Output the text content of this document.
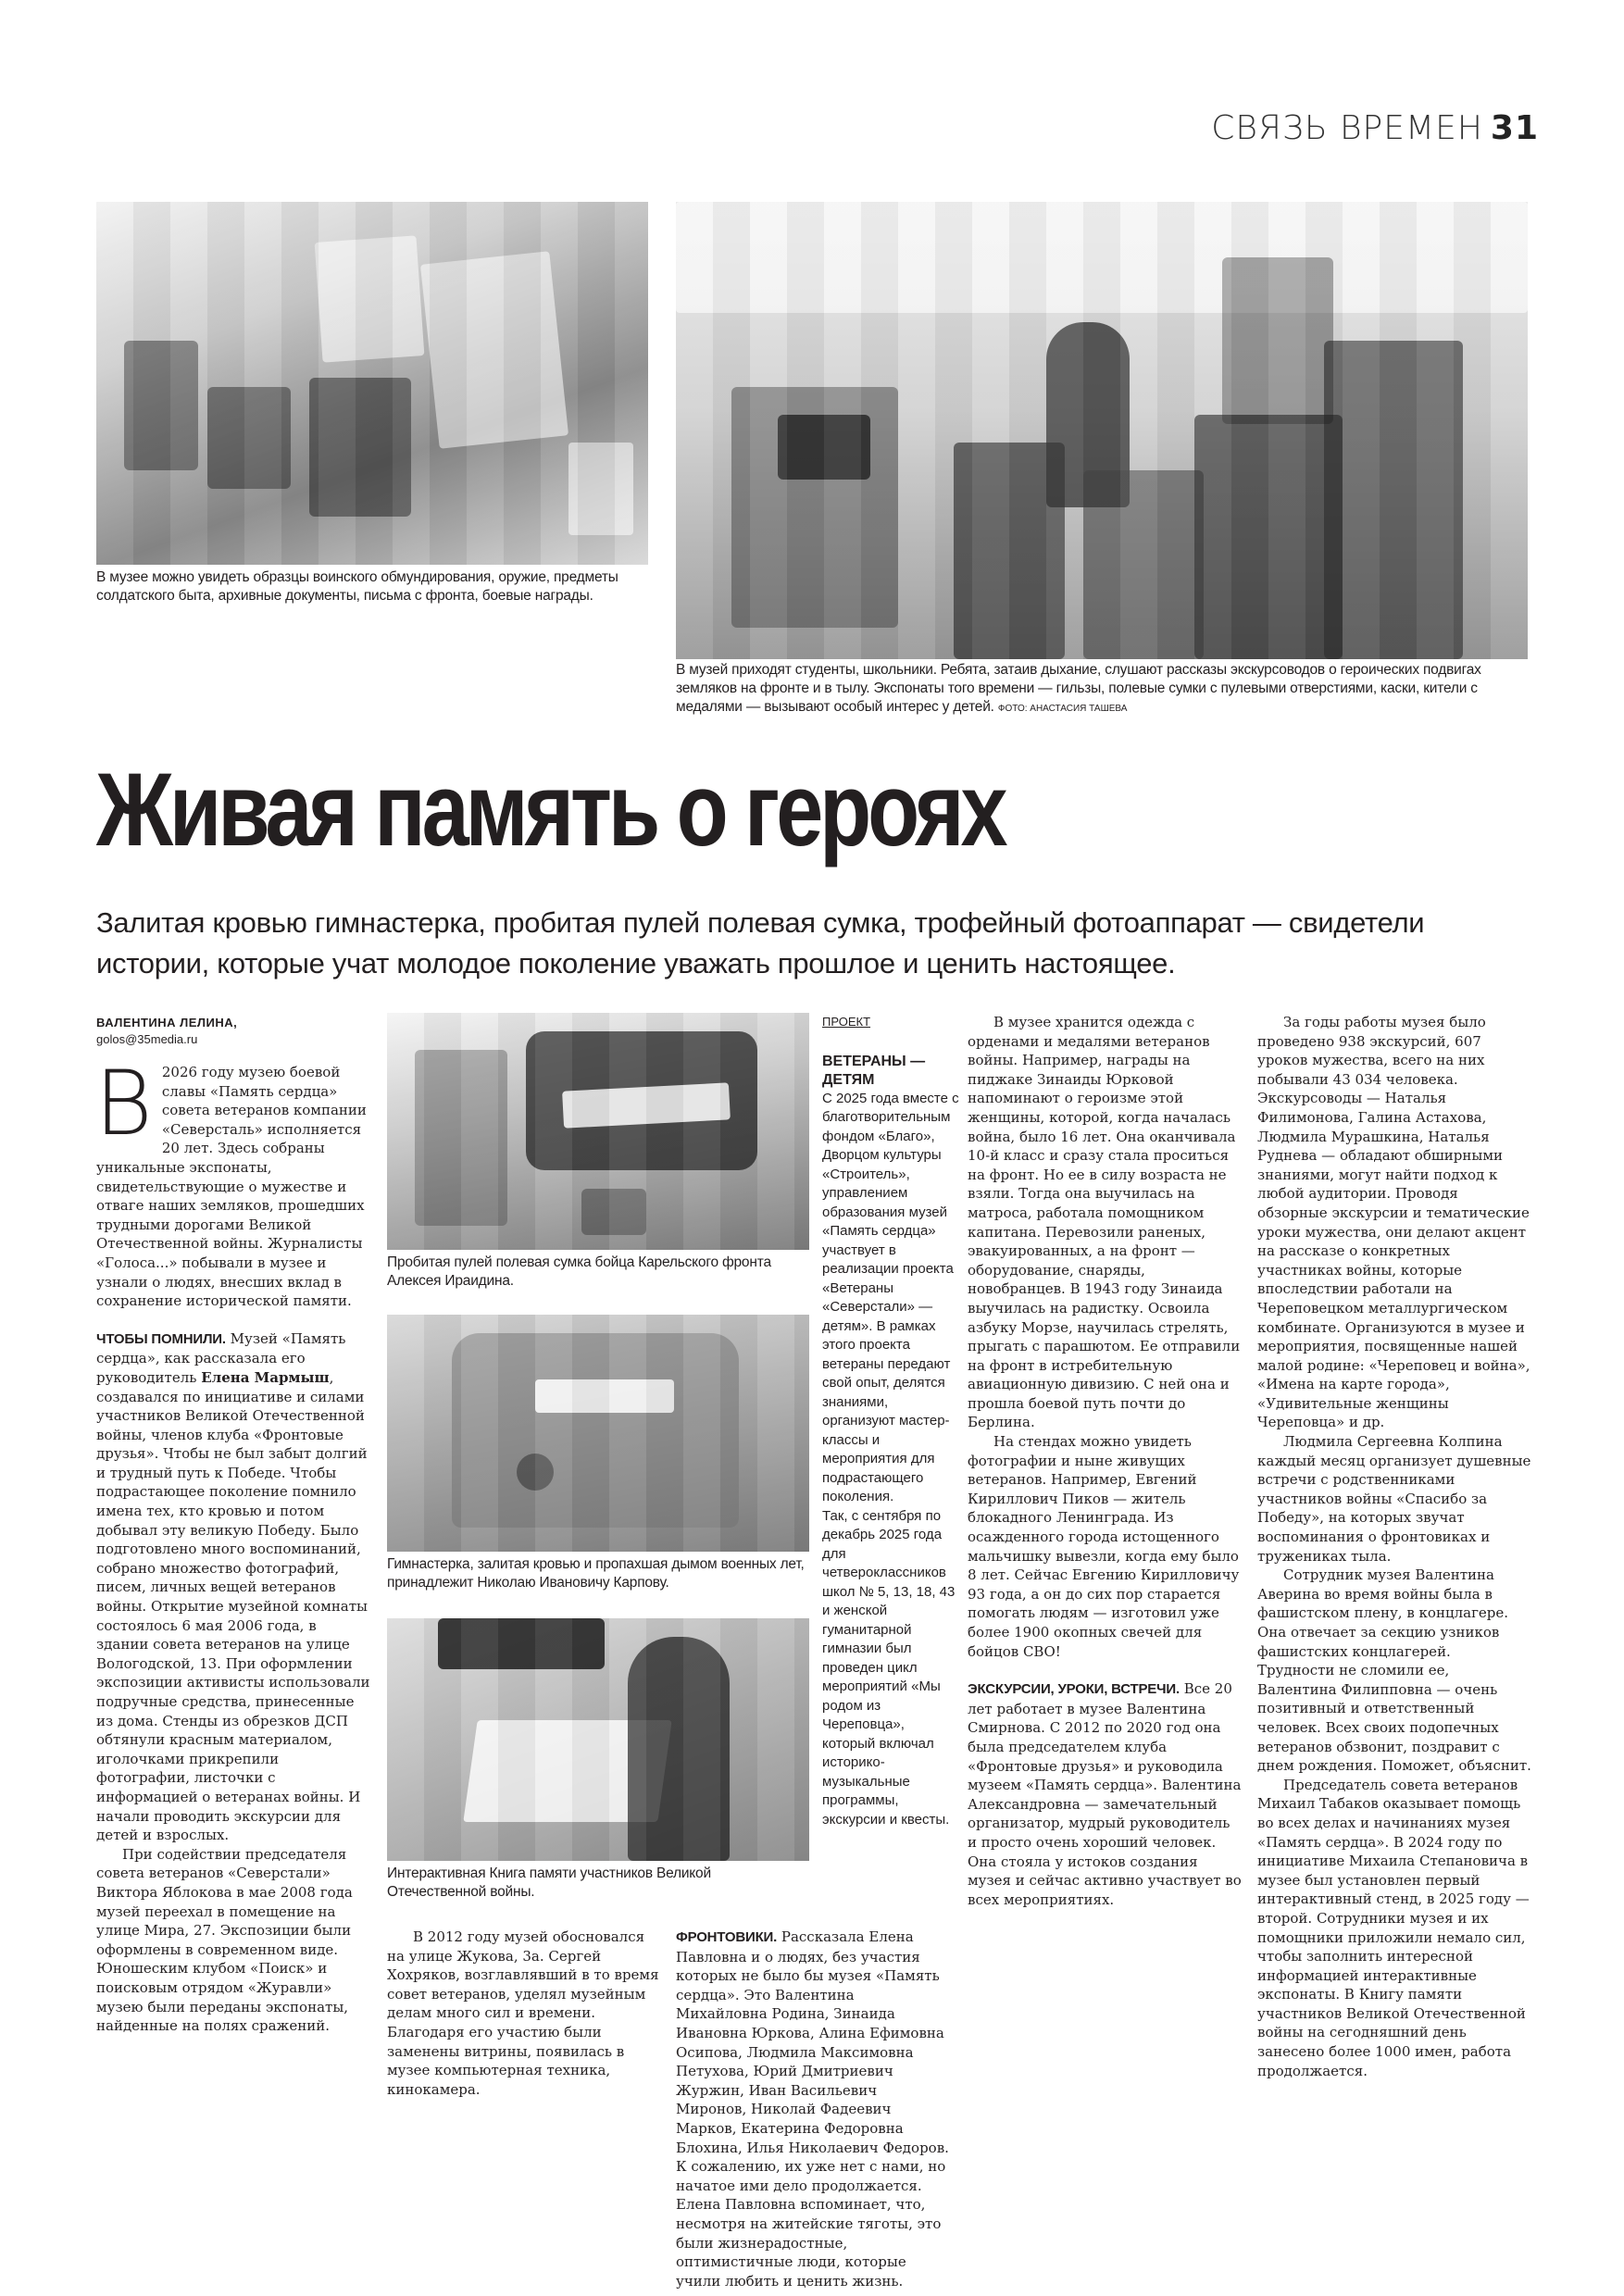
СВЯЗЬ ВРЕМЕН 31
В музее можно увидеть образцы воинского обмундирования, оружие, предметы солдатского быта, архивные документы, письма с фронта, боевые награды.
В музей приходят студенты, школьники. Ребята, затаив дыхание, слушают рассказы экскурсоводов о героических подвигах земляков на фронте и в тылу. Экспонаты того времени — гильзы, полевые сумки с пулевыми отверстиями, каски, кители с медалями — вызывают особый интерес у детей. ФОТО: АНАСТАСИЯ ТАШЕВА
Живая память о героях

Залитая кровью гимнастерка, пробитая пулей полевая сумка, трофейный фотоаппарат — свидетели истории, которые учат молодое поколение уважать прошлое и ценить настоящее.

ВАЛЕНТИНА ЛЕЛИНА,
golos@35media.ru

В 2026 году музею боевой славы «Память сердца» совета ветеранов компании «Северсталь» исполняется 20 лет. Здесь собраны уникальные экспонаты, свидетельствующие о мужестве и отваге наших земляков, прошедших трудными дорогами Великой Отечественной войны. Журналисты «Голоса...» побывали в музее и узнали о людях, внесших вклад в сохранение исторической памяти.

ЧТОБЫ ПОМНИЛИ. Музей «Память сердца», как рассказала его руководитель Елена Мармыш, создавался по инициативе и силами участников Великой Отечественной войны, членов клуба «Фронтовые друзья». Чтобы не был забыт долгий и трудный путь к Победе. Чтобы подрастающее поколение помнило имена тех, кто кровью и потом добывал эту великую Победу. Было подготовлено много воспоминаний, собрано множество фотографий, писем, личных вещей ветеранов войны. Открытие музейной комнаты состоялось 6 мая 2006 года, в здании совета ветеранов на улице Вологодской, 13. При оформлении экспозиции активисты использовали подручные средства, принесенные из дома. Стенды из обрезков ДСП обтянули красным материалом, иголочками прикрепили фотографии, листочки с информацией о ветеранах войны. И начали проводить экскурсии для детей и взрослых.

При содействии председателя совета ветеранов «Северстали» Виктора Яблокова в мае 2008 года музей переехал в помещение на улице Мира, 27. Экспозиции были оформлены в современном виде. Юношеским клубом «Поиск» и поисковым отрядом «Журавли» музею были переданы экспонаты, найденные на полях сражений.

Пробитая пулей полевая сумка бойца Карельского фронта Алексея Ираидина.
Гимнастерка, залитая кровью и пропахшая дымом военных лет, принадлежит Николаю Ивановичу Карпову.
Интерактивная Книга памяти участников Великой Отечественной войны.

В 2012 году музей обосновался на улице Жукова, 3а. Сергей Хохряков, возглавлявший в то время совет ветеранов, уделял музейным делам много сил и времени. Благодаря его участию были заменены витрины, появилась в музее компьютерная техника, кинокамера.

ПРОЕКТ
ВЕТЕРАНЫ — ДЕТЯМ

С 2025 года вместе с благотворительным фондом «Благо», Дворцом культуры «Строитель», управлением образования музей «Память сердца» участвует в реализации проекта «Ветераны «Северстали» — детям». В рамках этого проекта ветераны передают свой опыт, делятся знаниями, организуют мастер-классы и мероприятия для подрастающего поколения.

Так, с сентября по декабрь 2025 года для четвероклассников школ № 5, 13, 18, 43 и женской гуманитарной гимназии был проведен цикл мероприятий «Мы родом из Череповца», который включал историко-музыкальные программы, экскурсии и квесты.

ФРОНТОВИКИ. Рассказала Елена Павловна и о людях, без участия которых не было бы музея «Память сердца». Это Валентина Михайловна Родина, Зинаида Ивановна Юркова, Алина Ефимовна Осипова, Людмила Максимовна Петухова, Юрий Дмитриевич Журжин, Иван Васильевич Миронов, Николай Фадеевич Марков, Екатерина Федоровна Блохина, Илья Николаевич Федоров. К сожалению, их уже нет с нами, но начатое ими дело продолжается. Елена Павловна вспоминает, что, несмотря на житейские тяготы, это были жизнерадостные, оптимистичные люди, которые учили любить и ценить жизнь.

В музее хранится одежда с орденами и медалями ветеранов войны. Например, награды на пиджаке Зинаиды Юрковой напоминают о героизме этой женщины, которой, когда началась война, было 16 лет. Она оканчивала 10-й класс и сразу стала проситься на фронт. Но ее в силу возраста не взяли. Тогда она выучилась на матроса, работала помощником капитана. Перевозили раненых, эвакуированных, а на фронт — оборудование, снаряды, новобранцев. В 1943 году Зинаида выучилась на радистку. Освоила азбуку Морзе, научилась стрелять, прыгать с парашютом. Ее отправили на фронт в истребительную авиационную дивизию. С ней она и прошла боевой путь почти до Берлина.

На стендах можно увидеть фотографии и ныне живущих ветеранов. Например, Евгений Кириллович Пиков — житель блокадного Ленинграда. Из осажденного города истощенного мальчишку вывезли, когда ему было 8 лет. Сейчас Евгению Кирилловичу 93 года, а он до сих пор старается помогать людям — изготовил уже более 1900 окопных свечей для бойцов СВО!

ЭКСКУРСИИ, УРОКИ, ВСТРЕЧИ. Все 20 лет работает в музее Валентина Смирнова. С 2012 по 2020 год она была председателем клуба «Фронтовые друзья» и руководила музеем «Память сердца». Валентина Александровна — замечательный организатор, мудрый руководитель и просто очень хороший человек. Она стояла у истоков создания музея и сейчас активно участвует во всех мероприятиях.

За годы работы музея было проведено 938 экскурсий, 607 уроков мужества, всего на них побывали 43 034 человека. Экскурсоводы — Наталья Филимонова, Галина Астахова, Людмила Мурашкина, Наталья Руднева — обладают обширными знаниями, могут найти подход к любой аудитории. Проводя обзорные экскурсии и тематические уроки мужества, они делают акцент на рассказе о конкретных участниках войны, которые впоследствии работали на Череповецком металлургическом комбинате. Организуются в музее и мероприятия, посвященные нашей малой родине: «Череповец и война», «Имена на карте города», «Удивительные женщины Череповца» и др.

Людмила Сергеевна Колпина каждый месяц организует душевные встречи с родственниками участников войны «Спасибо за Победу», на которых звучат воспоминания о фронтовиках и тружениках тыла.

Сотрудник музея Валентина Аверина во время войны была в фашистском плену, в концлагере. Она отвечает за секцию узников фашистских концлагерей. Трудности не сломили ее, Валентина Филипповна — очень позитивный и ответственный человек. Всех своих подопечных ветеранов обзвонит, поздравит с днем рождения. Поможет, объяснит.

Председатель совета ветеранов Михаил Табаков оказывает помощь во всех делах и начинаниях музея «Память сердца». В 2024 году по инициативе Михаила Степановича в музее был установлен первый интерактивный стенд, в 2025 году — второй. Сотрудники музея и их помощники приложили немало сил, чтобы заполнить интересной информацией интерактивные экспонаты. В Книгу памяти участников Великой Отечественной войны на сегодняшний день занесено более 1000 имен, работа продолжается.
